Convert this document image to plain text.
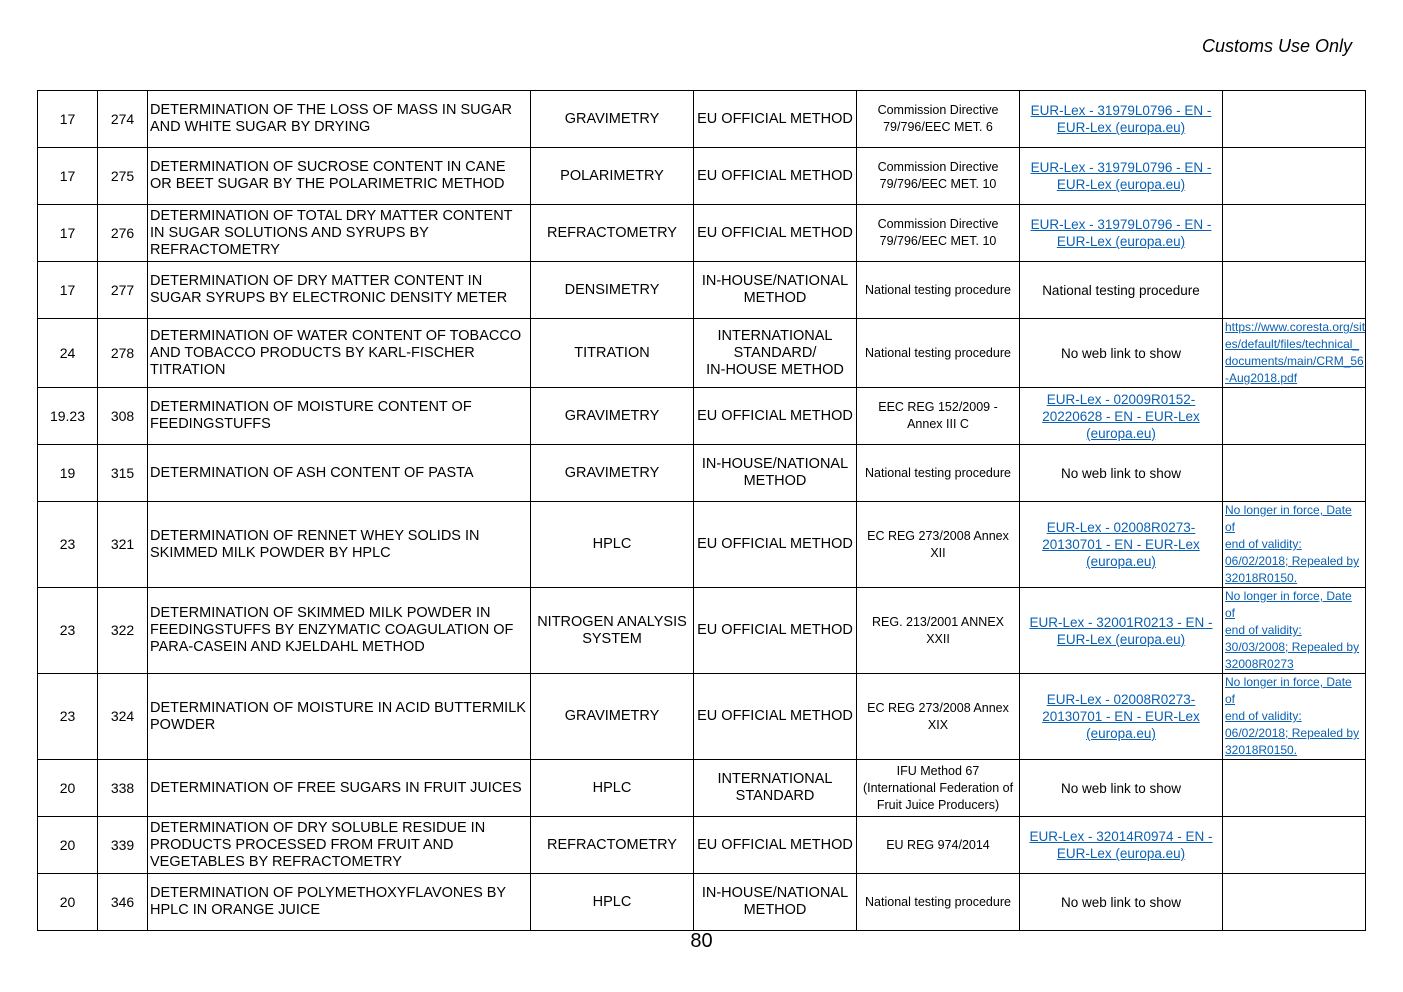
Customs Use Only
17	274	DETERMINATION OF THE LOSS OF MASS IN SUGAR AND WHITE SUGAR BY DRYING	GRAVIMETRY	EU OFFICIAL METHOD	Commission Directive
79/796/EEC MET. 6	EUR-Lex - 31979L0796 - EN -
EUR-Lex (europa.eu)	
17	275	DETERMINATION OF SUCROSE CONTENT IN CANE OR BEET SUGAR BY THE POLARIMETRIC METHOD	POLARIMETRY	EU OFFICIAL METHOD	Commission Directive
79/796/EEC MET. 10	EUR-Lex - 31979L0796 - EN -
EUR-Lex (europa.eu)	
17	276	DETERMINATION OF TOTAL DRY MATTER CONTENT IN SUGAR SOLUTIONS AND SYRUPS BY REFRACTOMETRY	REFRACTOMETRY	EU OFFICIAL METHOD	Commission Directive
79/796/EEC MET. 10	EUR-Lex - 31979L0796 - EN -
EUR-Lex (europa.eu)	
17	277	DETERMINATION OF DRY MATTER CONTENT IN SUGAR SYRUPS BY ELECTRONIC DENSITY METER	DENSIMETRY	IN-HOUSE/NATIONAL
METHOD	National testing procedure	National testing procedure	
24	278	DETERMINATION OF WATER CONTENT OF TOBACCO AND TOBACCO PRODUCTS BY KARL-FISCHER TITRATION	TITRATION	INTERNATIONAL
STANDARD/
IN-HOUSE METHOD	National testing procedure	No web link to show	https://www.coresta.org/sit
es/default/files/technical_
documents/main/CRM_56
-Aug2018.pdf
19.23	308	DETERMINATION OF MOISTURE CONTENT OF FEEDINGSTUFFS	GRAVIMETRY	EU OFFICIAL METHOD	EEC REG 152/2009 -
Annex III C	EUR-Lex - 02009R0152-
20220628 - EN - EUR-Lex
(europa.eu)	
19	315	DETERMINATION OF ASH CONTENT OF PASTA	GRAVIMETRY	IN-HOUSE/NATIONAL
METHOD	National testing procedure	No web link to show	
23	321	DETERMINATION OF RENNET WHEY SOLIDS IN SKIMMED MILK POWDER BY HPLC	HPLC	EU OFFICIAL METHOD	EC REG 273/2008 Annex
XII	EUR-Lex - 02008R0273-
20130701 - EN - EUR-Lex
(europa.eu)	No longer in force, Date of
end of validity:
06/02/2018; Repealed by
32018R0150.
23	322	DETERMINATION OF SKIMMED MILK POWDER IN FEEDINGSTUFFS BY ENZYMATIC COAGULATION OF PARA-CASEIN AND KJELDAHL METHOD	NITROGEN ANALYSIS
SYSTEM	EU OFFICIAL METHOD	REG. 213/2001 ANNEX
XXII	EUR-Lex - 32001R0213 - EN -
EUR-Lex (europa.eu)	No longer in force, Date of
end of validity:
30/03/2008; Repealed by
32008R0273
23	324	DETERMINATION OF MOISTURE IN ACID BUTTERMILK POWDER	GRAVIMETRY	EU OFFICIAL METHOD	EC REG 273/2008 Annex
XIX	EUR-Lex - 02008R0273-
20130701 - EN - EUR-Lex
(europa.eu)	No longer in force, Date of
end of validity:
06/02/2018; Repealed by
32018R0150.
20	338	DETERMINATION OF FREE SUGARS IN FRUIT JUICES	HPLC	INTERNATIONAL
STANDARD	IFU Method 67
(International Federation of
Fruit Juice Producers)	No web link to show	
20	339	DETERMINATION OF DRY SOLUBLE RESIDUE IN PRODUCTS PROCESSED FROM FRUIT AND VEGETABLES BY REFRACTOMETRY	REFRACTOMETRY	EU OFFICIAL METHOD	EU REG 974/2014	EUR-Lex - 32014R0974 - EN -
EUR-Lex (europa.eu)	
20	346	DETERMINATION OF POLYMETHOXYFLAVONES BY HPLC IN ORANGE JUICE	HPLC	IN-HOUSE/NATIONAL
METHOD	National testing procedure	No web link to show	
80
